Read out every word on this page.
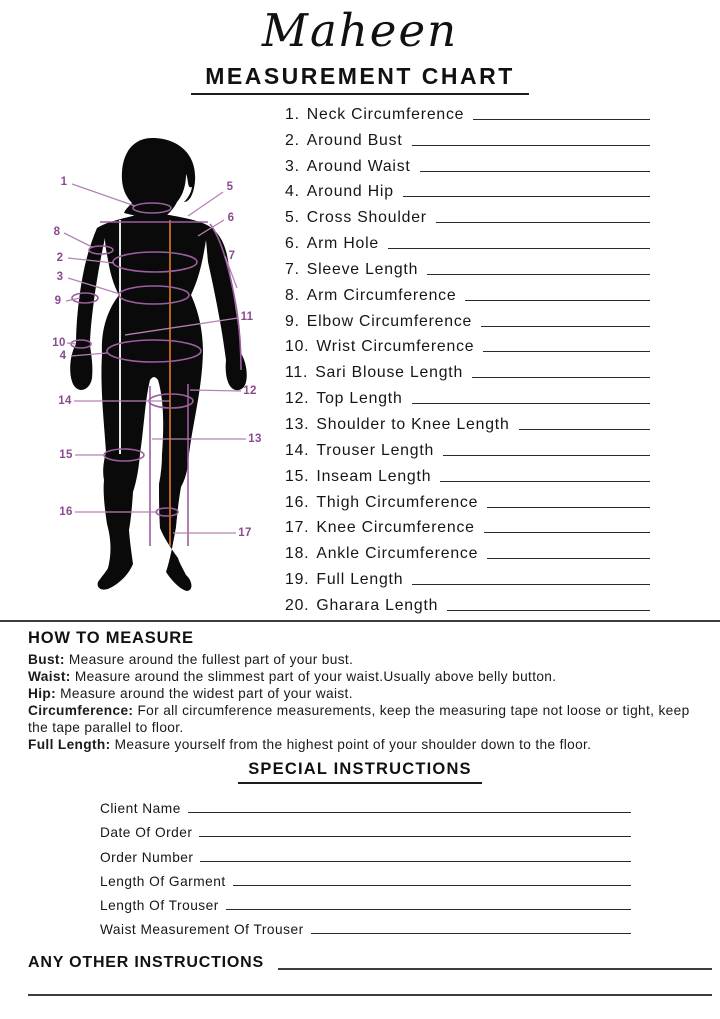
Maheen
MEASUREMENT CHART
1	5
6
8
2	7
3
9
11
10
4
14
12
13
15
16
17
1. Neck Circumference
2. Around Bust
3. Around Waist
4. Around Hip
5. Cross Shoulder
6. Arm Hole
7. Sleeve Length
8. Arm Circumference
9. Elbow Circumference
10. Wrist Circumference
11. Sari Blouse Length
12. Top Length
13. Shoulder to Knee Length
14. Trouser Length
15. Inseam Length
16. Thigh Circumference
17. Knee Circumference
18. Ankle Circumference
19. Full Length
20. Gharara Length
HOW TO MEASURE

Bust: Measure around the fullest part of your bust.

Waist: Measure around the slimmest part of your waist.Usually above belly button.

Hip: Measure around the widest part of your waist.

Circumference: For all circumference measurements, keep the measuring tape not loose or tight, keep the tape parallel to floor.

Full Length: Measure yourself from the highest point of your shoulder down to the floor.

SPECIAL INSTRUCTIONS
Client Name
Date Of Order
Order Number
Length Of Garment
Length Of Trouser
Waist Measurement Of Trouser
ANY OTHER INSTRUCTIONS
